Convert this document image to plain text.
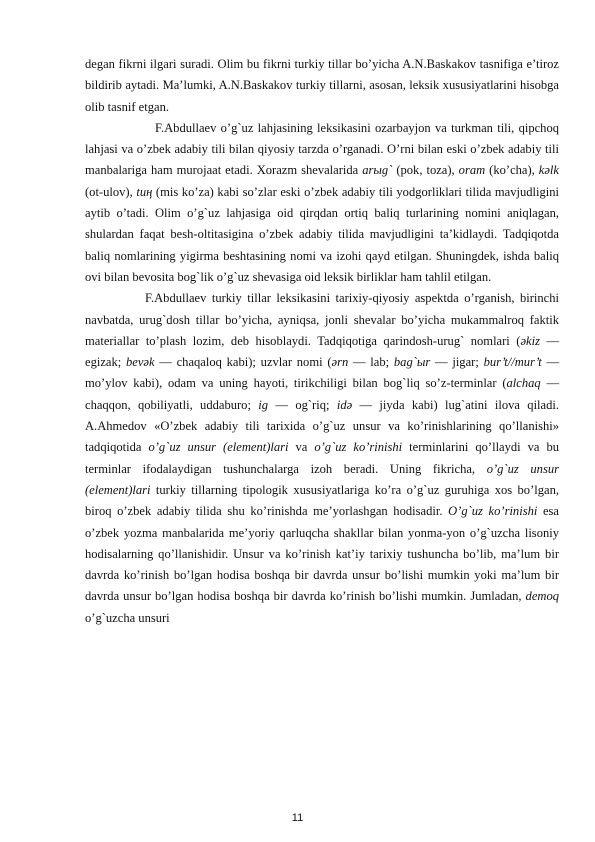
degan fikrni ilgari suradi. Olim bu fikrni turkiy tillar bo’yicha A.N.Baskakov tasnifiga e’tiroz bildirib aytadi. Ma’lumki, A.N.Baskakov turkiy tillarni, asosan, leksik xususiyatlarini hisobga olib tasnif etgan.

F.Abdullaev o’g`uz lahjasining leksikasini ozarbayjon va turkman tili, qipchoq lahjasi va o’zbek adabiy tili bilan qiyosiy tarzda o’rganadi. O’rni bilan eski o’zbek adabiy tili manbalariga ham murojaat etadi. Xorazm shevalarida arыg` (pok, toza), oram (ko’cha), kəlk (ot-ulov), tuң (mis ko’za) kabi so’zlar eski o’zbek adabiy tili yodgorliklari tilida mavjudligini aytib o’tadi. Olim o’g`uz lahjasiga oid qirqdan ortiq baliq turlarining nomini aniqlagan, shulardan faqat besh-oltitasigina o’zbek adabiy tilida mavjudligini ta’kidlaydi. Tadqiqotda baliq nomlarining yigirma beshtasining nomi va izohi qayd etilgan. Shuningdek, ishda baliq ovi bilan bevosita bog`lik o’g`uz shevasiga oid leksik birliklar ham tahlil etilgan.

F.Abdullaev turkiy tillar leksikasini tarixiy-qiyosiy aspektda o’rganish, birinchi navbatda, urug`dosh tillar bo’yicha, ayniqsa, jonli shevalar bo’yicha mukammalroq faktik materiallar to’plash lozim, deb hisoblaydi. Tadqiqotiga qarindosh-urug` nomlari (əkiz — egizak; bevək — chaqaloq kabi); uzvlar nomi (ərn — lab; bag`ыr — jigar; bur’t//mur’t — mo’ylov kabi), odam va uning hayoti, tirikchiligi bilan bog`liq so’z-terminlar (alchaq — chaqqon, qobiliyatli, uddaburo; ig — og`riq; idə — jiyda kabi) lug`atini ilova qiladi. A.Ahmedov «O’zbek adabiy tili tarixida o’g`uz unsur va ko’rinishlarining qo’llanishi» tadqiqotida o’g`uz unsur (element)lari va o’g`uz ko’rinishi terminlarini qo’llaydi va bu terminlar ifodalaydigan tushunchalarga izoh beradi. Uning fikricha, o’g`uz unsur (element)lari turkiy tillarning tipologik xususiyatlariga ko’ra o’g`uz guruhiga xos bo’lgan, biroq o’zbek adabiy tilida shu ko’rinishda me’yorlashgan hodisadir. O’g`uz ko’rinishi esa o’zbek yozma manbalarida me’yoriy qarluqcha shakllar bilan yonma-yon o’g`uzcha lisoniy hodisalarning qo’llanishidir. Unsur va ko’rinish kat’iy tarixiy tushuncha bo’lib, ma’lum bir davrda ko’rinish bo’lgan hodisa boshqa bir davrda unsur bo’lishi mumkin yoki ma’lum bir davrda unsur bo’lgan hodisa boshqa bir davrda ko’rinish bo’lishi mumkin. Jumladan, demoq o’g`uzcha unsuri

11
